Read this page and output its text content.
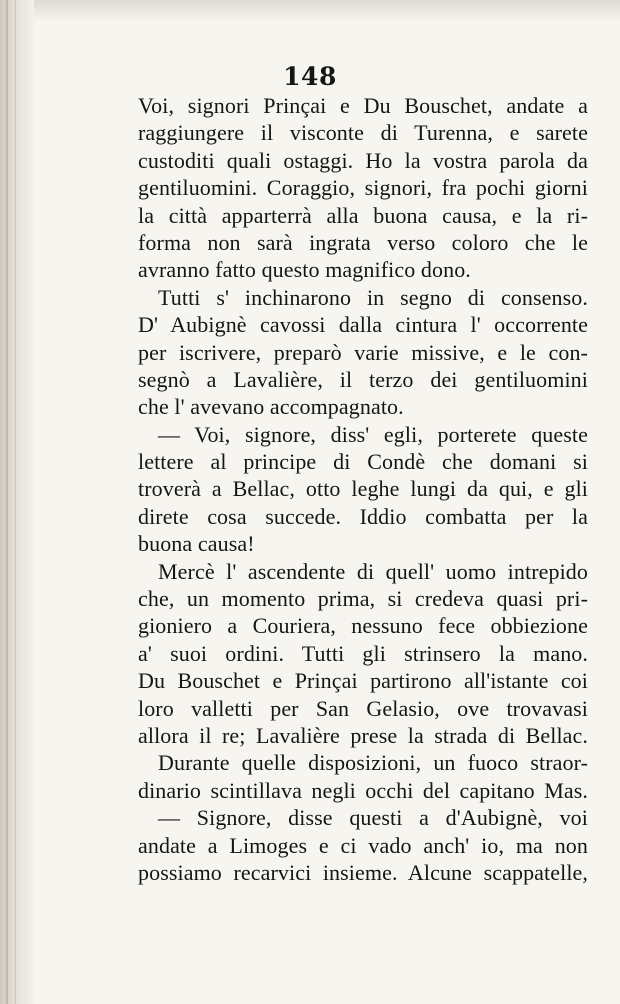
148
Voi, signori Prinçai e Du Bouschet, andate a
raggiungere il visconte di Turenna, e sarete
custoditi quali ostaggi. Ho la vostra parola da
gentiluomini. Coraggio, signori, fra pochi giorni
la città apparterrà alla buona causa, e la ri-
forma non sarà ingrata verso coloro che le
avranno fatto questo magnifico dono.
Tutti s' inchinarono in segno di consenso.
D' Aubignè cavossi dalla cintura l' occorrente
per iscrivere, preparò varie missive, e le con-
segnò a Lavalière, il terzo dei gentiluomini
che l' avevano accompagnato.
— Voi, signore, diss' egli, porterete queste
lettere al principe di Condè che domani si
troverà a Bellac, otto leghe lungi da qui, e gli
direte cosa succede. Iddio combatta per la
buona causa!
Mercè l' ascendente di quell' uomo intrepido
che, un momento prima, si credeva quasi pri-
gioniero a Couriera, nessuno fece obbiezione
a' suoi ordini. Tutti gli strinsero la mano.
Du Bouschet e Prinçai partirono all'istante coi
loro valletti per San Gelasio, ove trovavasi
allora il re; Lavalière prese la strada di Bellac.
Durante quelle disposizioni, un fuoco straor-
dinario scintillava negli occhi del capitano Mas.
— Signore, disse questi a d'Aubignè, voi
andate a Limoges e ci vado anch' io, ma non
possiamo recarvici insieme. Alcune scappatelle,
